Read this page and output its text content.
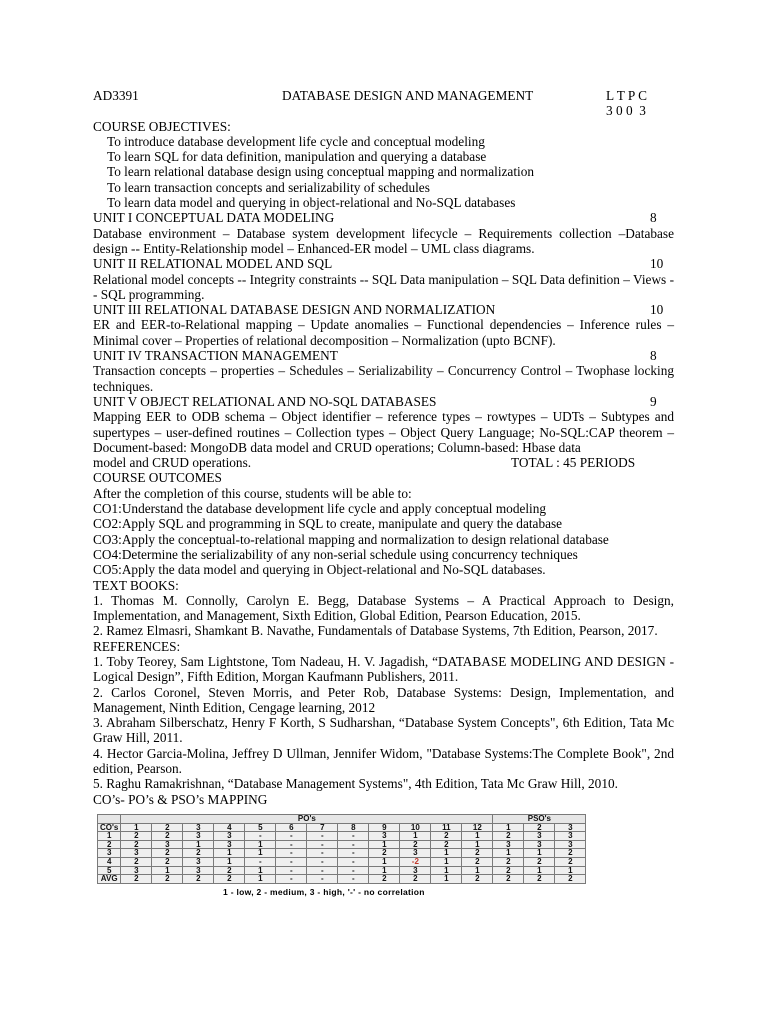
AD3391	DATABASE DESIGN AND MANAGEMENT	L T P C
3 0 0  3
COURSE OBJECTIVES:
To introduce database development life cycle and conceptual modeling
To learn SQL for data definition, manipulation and querying a database
To learn relational database design using conceptual mapping and normalization
To learn transaction concepts and serializability of schedules
To learn data model and querying in object-relational and No-SQL databases
UNIT I CONCEPTUAL DATA MODELING	8
Database environment – Database system development lifecycle – Requirements collection –Database design -- Entity-Relationship model – Enhanced-ER model – UML class diagrams.
UNIT II RELATIONAL MODEL AND SQL	10
Relational model concepts -- Integrity constraints -- SQL Data manipulation – SQL Data definition – Views -- SQL programming.
UNIT III RELATIONAL DATABASE DESIGN AND NORMALIZATION	10
ER and EER-to-Relational mapping – Update anomalies – Functional dependencies – Inference rules – Minimal cover – Properties of relational decomposition – Normalization (upto BCNF).
UNIT IV TRANSACTION MANAGEMENT	8
Transaction concepts – properties – Schedules – Serializability – Concurrency Control – Twophase locking techniques.
UNIT V OBJECT RELATIONAL AND NO-SQL DATABASES	9
Mapping EER to ODB schema – Object identifier – reference types – rowtypes – UDTs – Subtypes and supertypes – user-defined routines – Collection types – Object Query Language; No-SQL:CAP theorem – Document-based: MongoDB data model and CRUD operations; Column-based: Hbase data
model and CRUD operations.	TOTAL : 45 PERIODS
COURSE OUTCOMES
After the completion of this course, students will be able to:
CO1:Understand the database development life cycle and apply conceptual modeling
CO2:Apply SQL and programming in SQL to create, manipulate and query the database
CO3:Apply the conceptual-to-relational mapping and normalization to design relational database
CO4:Determine the serializability of any non-serial schedule using concurrency techniques
CO5:Apply the data model and querying in Object-relational and No-SQL databases.
TEXT BOOKS:
1. Thomas M. Connolly, Carolyn E. Begg, Database Systems – A Practical Approach to Design, Implementation, and Management, Sixth Edition, Global Edition, Pearson Education, 2015.
2. Ramez Elmasri, Shamkant B. Navathe, Fundamentals of Database Systems, 7th Edition, Pearson, 2017.
REFERENCES:
1. Toby Teorey, Sam Lightstone, Tom Nadeau, H. V. Jagadish, “DATABASE MODELING AND DESIGN - Logical Design”, Fifth Edition, Morgan Kaufmann Publishers, 2011.
2. Carlos Coronel, Steven Morris, and Peter Rob, Database Systems: Design, Implementation, and Management, Ninth Edition, Cengage learning, 2012
3. Abraham Silberschatz, Henry F Korth, S Sudharshan, “Database System Concepts", 6th Edition, Tata Mc Graw Hill, 2011.
4. Hector Garcia-Molina, Jeffrey D Ullman, Jennifer Widom, "Database Systems:The Complete Book", 2nd edition, Pearson.
5. Raghu Ramakrishnan, “Database Management Systems", 4th Edition, Tata Mc Graw Hill, 2010.
CO’s- PO’s & PSO’s MAPPING
	PO's												PSO's		
CO's	1	2	3	4	5	6	7	8	9	10	11	12	1	2	3
1	2	2	3	3	-	-	-	-	3	1	2	1	2	3	3
2	2	3	1	3	1	-	-	-	1	2	2	1	3	3	3
3	3	2	2	1	1	-	-	-	2	3	1	2	1	1	2
4	2	2	3	1	-	-	-	-	1	-2	1	2	2	2	2
5	3	1	3	2	1	-	-	-	1	3	1	1	2	1	1
AVG	2	2	2	2	1	-	-	-	2	2	1	2	2	2	2
1 - low, 2 - medium, 3 - high, '-' - no correlation
